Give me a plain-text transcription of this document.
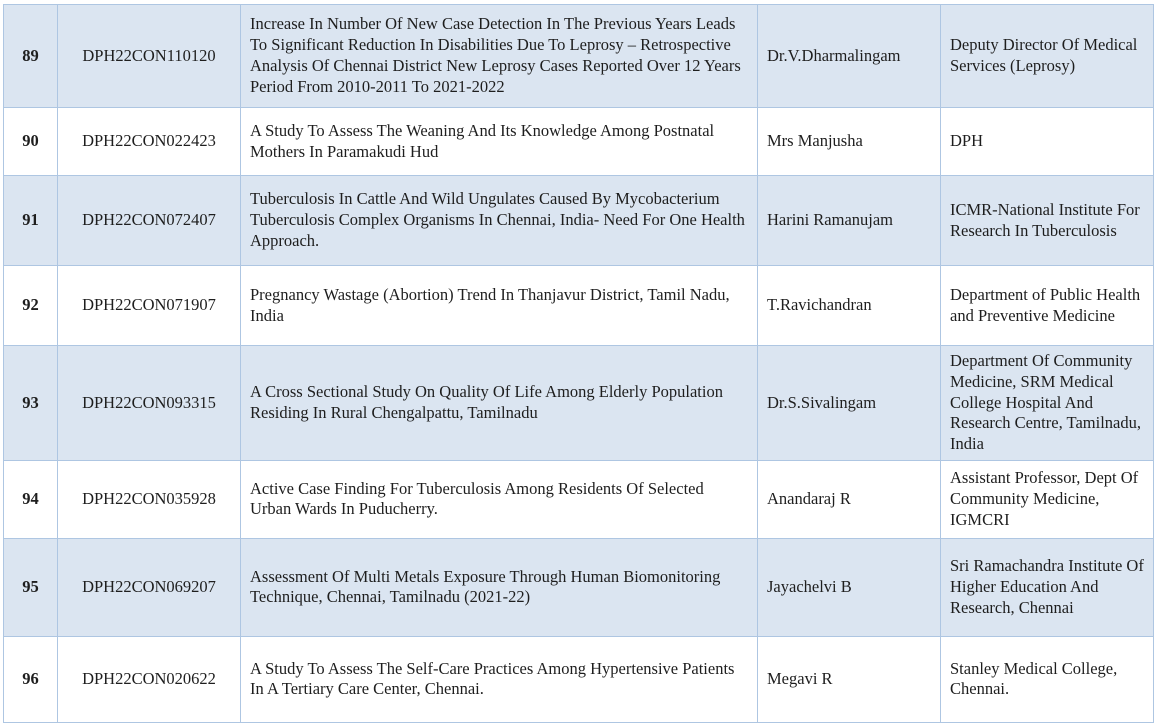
89	DPH22CON110120	Increase In Number Of New Case Detection In The Previous Years Leads To Significant Reduction In Disabilities Due To Leprosy – Retrospective Analysis Of Chennai District New Leprosy Cases Reported Over 12 Years Period From 2010-2011 To 2021-2022	Dr.V.Dharmalingam	Deputy Director Of Medical Services (Leprosy)
90	DPH22CON022423	A Study To Assess The Weaning And Its Knowledge Among Postnatal Mothers In Paramakudi Hud	Mrs Manjusha	DPH
91	DPH22CON072407	Tuberculosis In Cattle And Wild Ungulates Caused By Mycobacterium Tuberculosis Complex Organisms In Chennai, India- Need For One Health Approach.	Harini Ramanujam	ICMR-National Institute For Research In Tuberculosis
92	DPH22CON071907	Pregnancy Wastage (Abortion) Trend In Thanjavur District, Tamil Nadu, India	T.Ravichandran	Department of Public Health and Preventive Medicine
93	DPH22CON093315	A Cross Sectional Study On Quality Of Life Among Elderly Population Residing In Rural Chengalpattu, Tamilnadu	Dr.S.Sivalingam	Department Of Community Medicine, SRM Medical College Hospital And Research Centre, Tamilnadu, India
94	DPH22CON035928	Active Case Finding For Tuberculosis Among Residents Of Selected Urban Wards In Puducherry.	Anandaraj R	Assistant Professor, Dept Of Community Medicine, IGMCRI
95	DPH22CON069207	Assessment Of Multi Metals Exposure Through Human Biomonitoring Technique, Chennai, Tamilnadu (2021-22)	Jayachelvi B	Sri Ramachandra Institute Of Higher Education And Research, Chennai
96	DPH22CON020622	A Study To Assess The Self-Care Practices Among Hypertensive Patients In A Tertiary Care Center, Chennai.	Megavi R	Stanley Medical College, Chennai.
